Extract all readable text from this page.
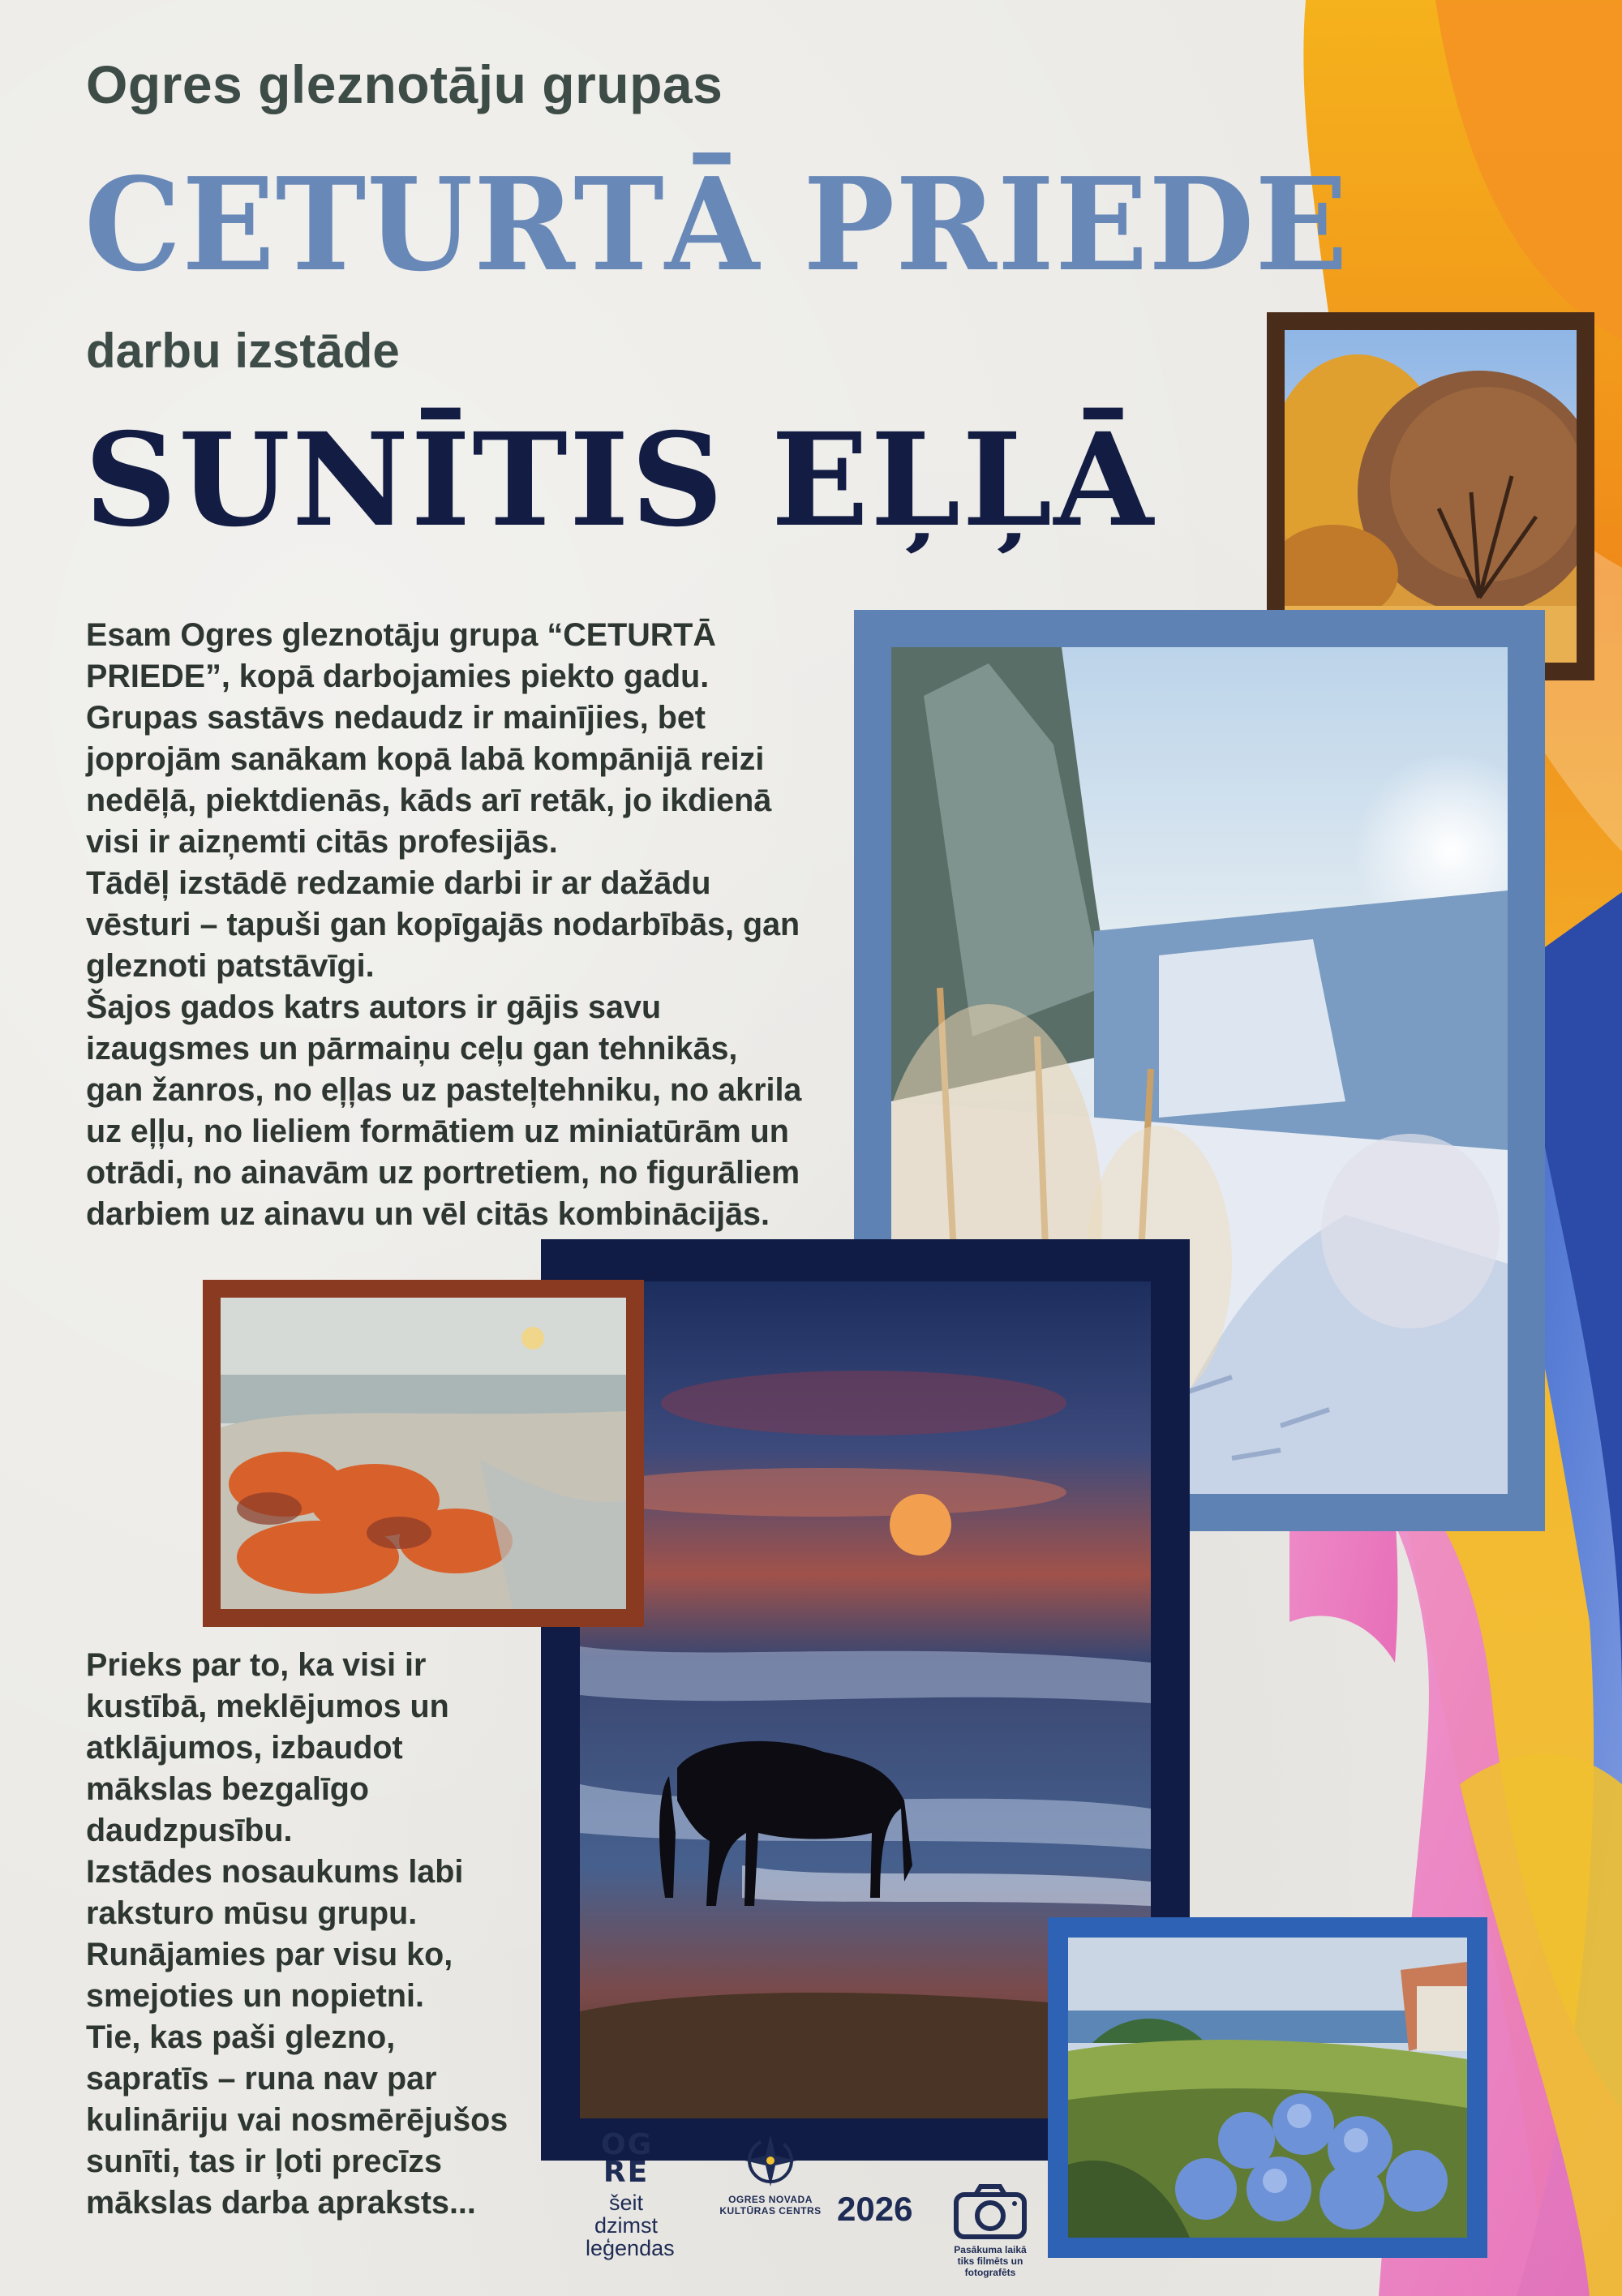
Ogres gleznotāju grupas
CETURTĀ PRIEDE
darbu izstāde
SUNĪTIS EĻĻĀ
Esam Ogres gleznotāju grupa “CETURTĀ
PRIEDE”, kopā darbojamies piekto gadu.
Grupas sastāvs nedaudz ir mainījies, bet
joprojām sanākam kopā labā kompānijā reizi
nedēļā, piektdienās, kāds arī retāk, jo ikdienā
visi ir aizņemti citās profesijās.
Tādēļ izstādē redzamie darbi ir ar dažādu
vēsturi – tapuši gan kopīgajās nodarbībās, gan
gleznoti patstāvīgi.
Šajos gados katrs autors ir gājis savu
izaugsmes un pārmaiņu ceļu gan tehnikās,
gan žanros, no eļļas uz pasteļtehniku, no akrila
uz eļļu, no lieliem formātiem uz miniatūrām un
otrādi, no ainavām uz portretiem, no figurāliem
darbiem uz ainavu un vēl citās kombinācijās.
Prieks par to, ka visi ir
kustībā, meklējumos un
atklājumos, izbaudot
mākslas bezgalīgo
daudzpusību.
Izstādes nosaukums labi
raksturo mūsu grupu.
Runājamies par visu ko,
smejoties un nopietni.
Tie, kas paši glezno,
sapratīs – runa nav par
kulināriju vai nosmērējušos
sunīti, tas ir ļoti precīzs
mākslas darba apraksts...
OG RE
šeit dzimst leģendas
OGRES NOVADA KULTŪRAS CENTRS 2026

Pasākuma laikā tiks filmēts un fotografēts
